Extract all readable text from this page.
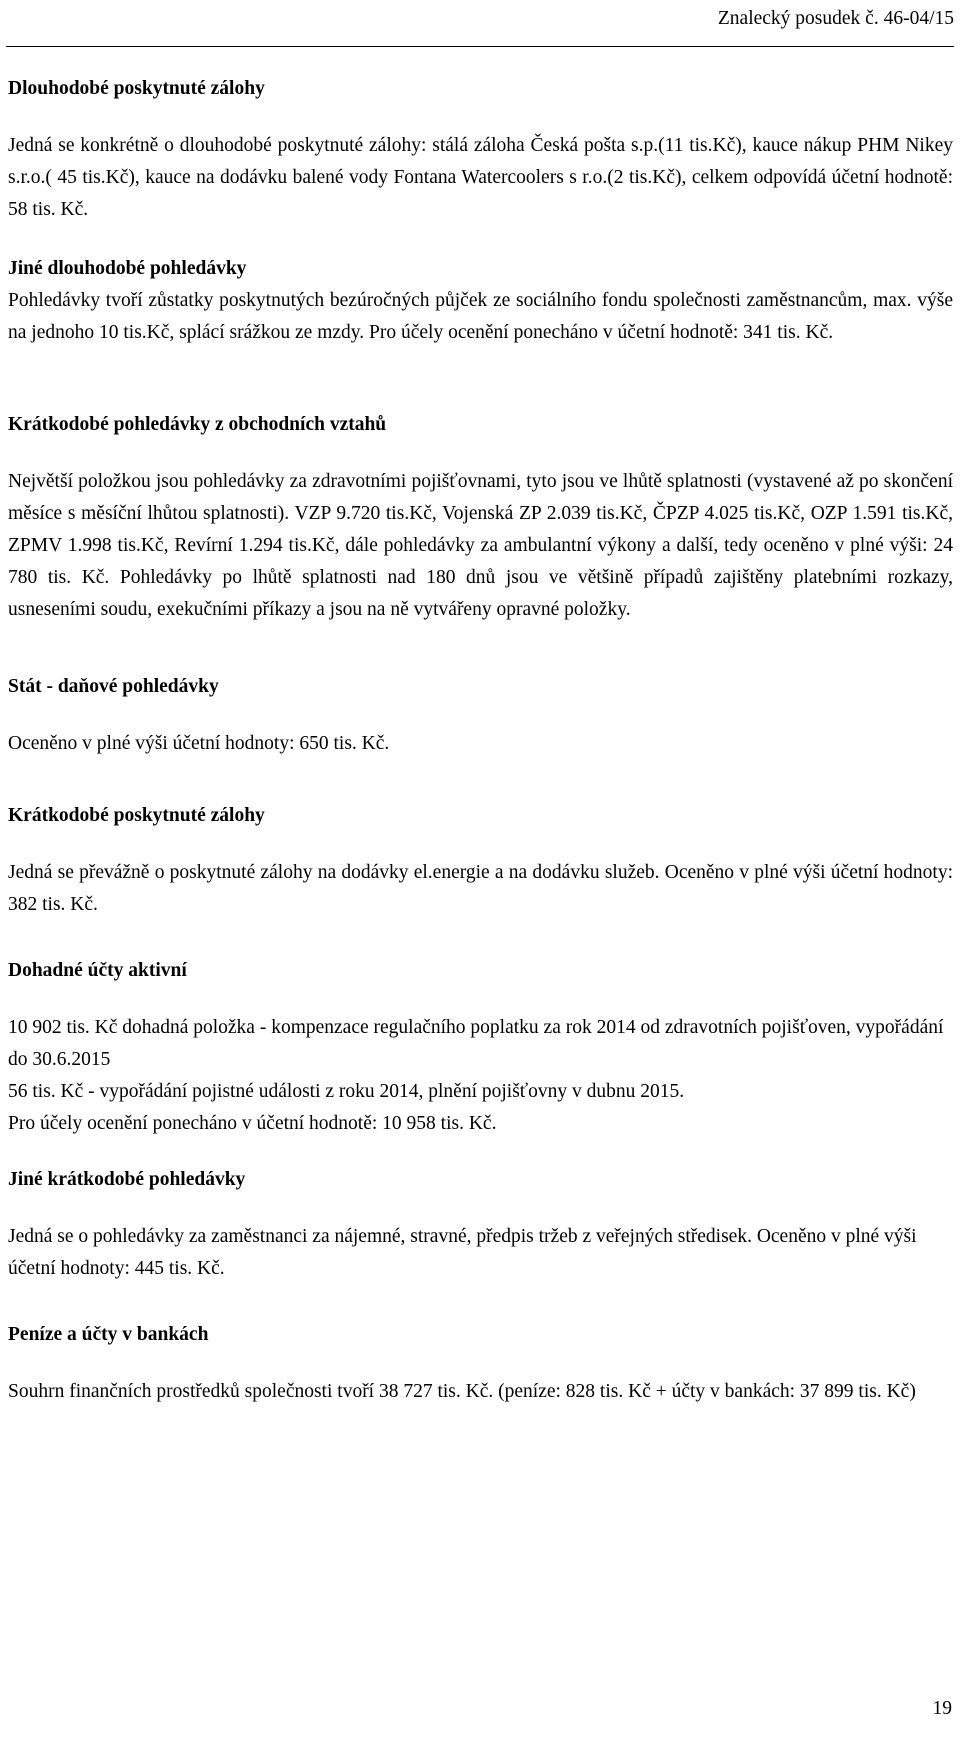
Znalecký posudek č. 46-04/15
Dlouhodobé poskytnuté zálohy

Jedná se konkrétně o dlouhodobé poskytnuté zálohy: stálá záloha Česká pošta s.p.(11 tis.Kč), kauce nákup PHM Nikey s.r.o.( 45 tis.Kč), kauce na dodávku balené vody Fontana Watercoolers s r.o.(2 tis.Kč), celkem odpovídá účetní hodnotě: 58 tis. Kč.

Jiné dlouhodobé pohledávky

Pohledávky tvoří zůstatky poskytnutých bezúročných půjček ze sociálního fondu společnosti zaměstnancům, max. výše na jednoho 10 tis.Kč, splácí srážkou ze mzdy. Pro účely ocenění ponecháno v účetní hodnotě: 341 tis. Kč.

Krátkodobé pohledávky z obchodních vztahů

Největší položkou jsou pohledávky za zdravotními pojišťovnami, tyto jsou ve lhůtě splatnosti (vystavené až po skončení měsíce s měsíční lhůtou splatnosti). VZP 9.720 tis.Kč, Vojenská ZP 2.039 tis.Kč, ČPZP 4.025 tis.Kč, OZP 1.591 tis.Kč, ZPMV 1.998 tis.Kč, Revírní 1.294 tis.Kč, dále pohledávky za ambulantní výkony a další, tedy oceněno v plné výši: 24 780 tis. Kč. Pohledávky po lhůtě splatnosti nad 180 dnů jsou ve většině případů zajištěny platebními rozkazy, usneseními soudu, exekučními příkazy a jsou na ně vytvářeny opravné položky.

Stát - daňové pohledávky

Oceněno v plné výši účetní hodnoty: 650 tis. Kč.

Krátkodobé poskytnuté zálohy

Jedná se převážně o poskytnuté zálohy na dodávky el.energie a na dodávku služeb. Oceněno v plné výši účetní hodnoty: 382 tis. Kč.

Dohadné účty aktivní

10 902 tis. Kč dohadná položka - kompenzace regulačního poplatku za rok 2014 od zdravotních pojišťoven, vypořádání do 30.6.2015

56 tis. Kč - vypořádání pojistné události z roku 2014, plnění pojišťovny v dubnu 2015.

Pro účely ocenění ponecháno v účetní hodnotě: 10 958 tis. Kč.

Jiné krátkodobé pohledávky

Jedná se o pohledávky za zaměstnanci za nájemné, stravné, předpis tržeb z veřejných středisek. Oceněno v plné výši účetní hodnoty: 445 tis. Kč.

Peníze a účty v bankách

Souhrn finančních prostředků společnosti tvoří 38 727 tis. Kč. (peníze: 828 tis. Kč + účty v bankách: 37 899 tis. Kč)

19
